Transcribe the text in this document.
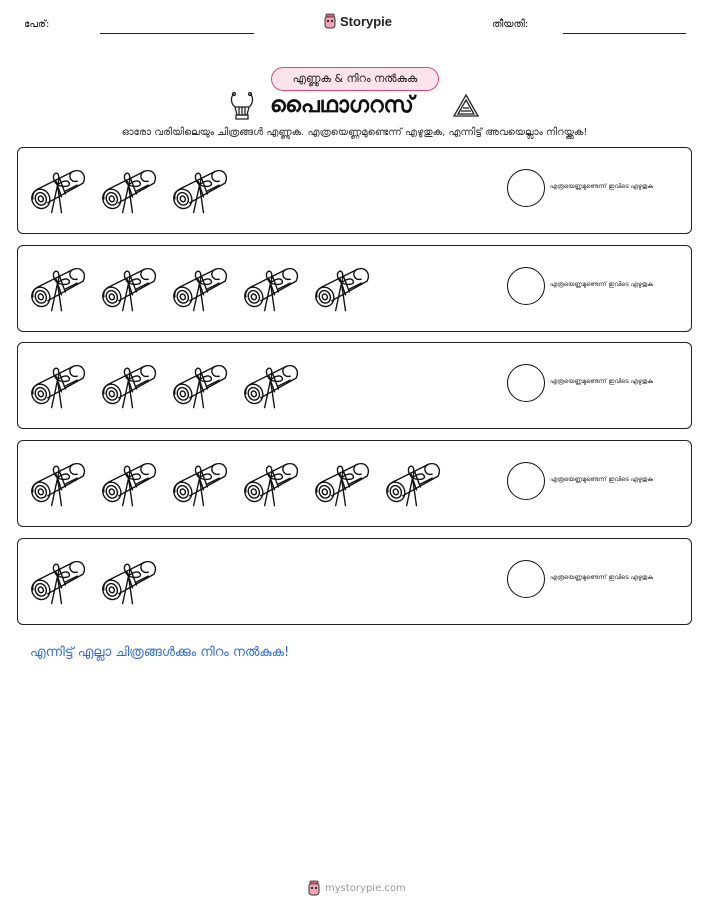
പേര്:	Storypie	തീയതി:
എണ്ണുക & നിറം നൽകുക
പൈഥാഗറസ്
ഓരോ വരിയിലെയും ചിത്രങ്ങൾ എണ്ണുക. എത്രയെണ്ണമുണ്ടെന്ന് എഴുതുക, എന്നിട്ട് അവയെല്ലാം നിറയ്ക്കുക!
എത്രയെണ്ണമുണ്ടെന്ന് ഇവിടെ എഴുതുക
എത്രയെണ്ണമുണ്ടെന്ന് ഇവിടെ എഴുതുക
എത്രയെണ്ണമുണ്ടെന്ന് ഇവിടെ എഴുതുക
എത്രയെണ്ണമുണ്ടെന്ന് ഇവിടെ എഴുതുക
എത്രയെണ്ണമുണ്ടെന്ന് ഇവിടെ എഴുതുക
എന്നിട്ട് എല്ലാ ചിത്രങ്ങൾക്കും നിറം നൽകുക!
mystorypie.com
